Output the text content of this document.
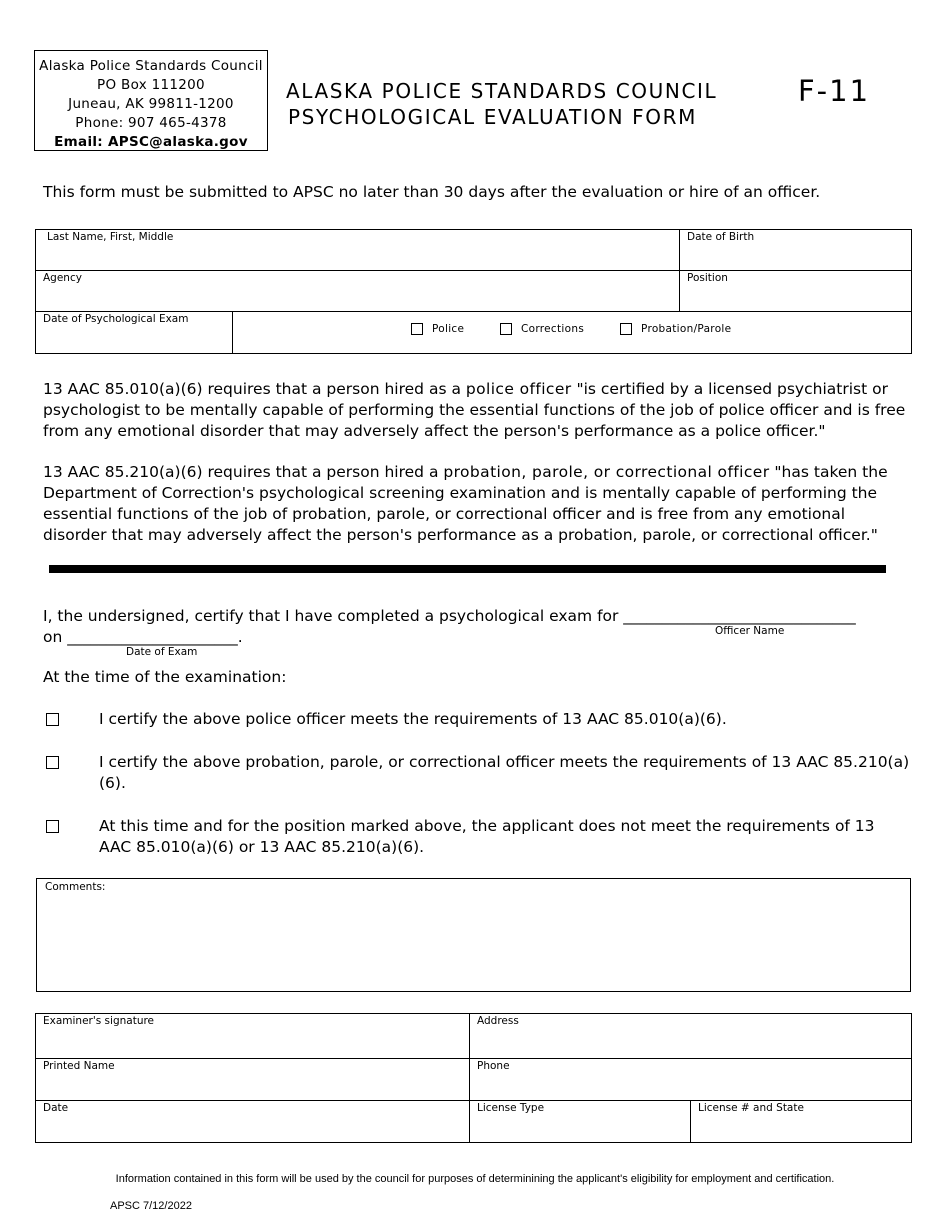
Alaska Police Standards Council
PO Box 111200
Juneau, AK 99811-1200
Phone: 907 465-4378
Email: APSC@alaska.gov
ALASKA POLICE STANDARDS COUNCIL
PSYCHOLOGICAL EVALUATION FORM
F-11
This form must be submitted to APSC no later than 30 days after the evaluation or hire of an officer.
Last Name, First, Middle		Date of Birth

Agency		Position

Date of Psychological Exam	Police Corrections Probation/Parole	
13 AAC 85.010(a)(6) requires that a person hired as a police officer "is certified by a licensed psychiatrist or psychologist to be mentally capable of performing the essential functions of the job of police officer and is free from any emotional disorder that may adversely affect the person's performance as a police officer."
13 AAC 85.210(a)(6) requires that a person hired a probation, parole, or correctional officer "has taken the Department of Correction's psychological screening examination and is mentally capable of performing the essential functions of the job of probation, parole, or correctional officer and is free from any emotional disorder that may adversely affect the person's performance as a probation, parole, or correctional officer."
I, the undersigned, certify that I have completed a psychological exam for ______________________________
Officer Name
on ______________________.
Date of Exam
At the time of the examination:
I certify the above police officer meets the requirements of 13 AAC 85.010(a)(6).
I certify the above probation, parole, or correctional officer meets the requirements of 13 AAC 85.210(a)(6).
At this time and for the position marked above, the applicant does not meet the requirements of 13 AAC 85.010(a)(6) or 13 AAC 85.210(a)(6).
Comments:
Examiner's signature	Address	

Printed Name	Phone	

Date	License Type	License # and State
Information contained in this form will be used by the council for purposes of determinining the applicant's eligibility for employment and certification.
APSC 7/12/2022
